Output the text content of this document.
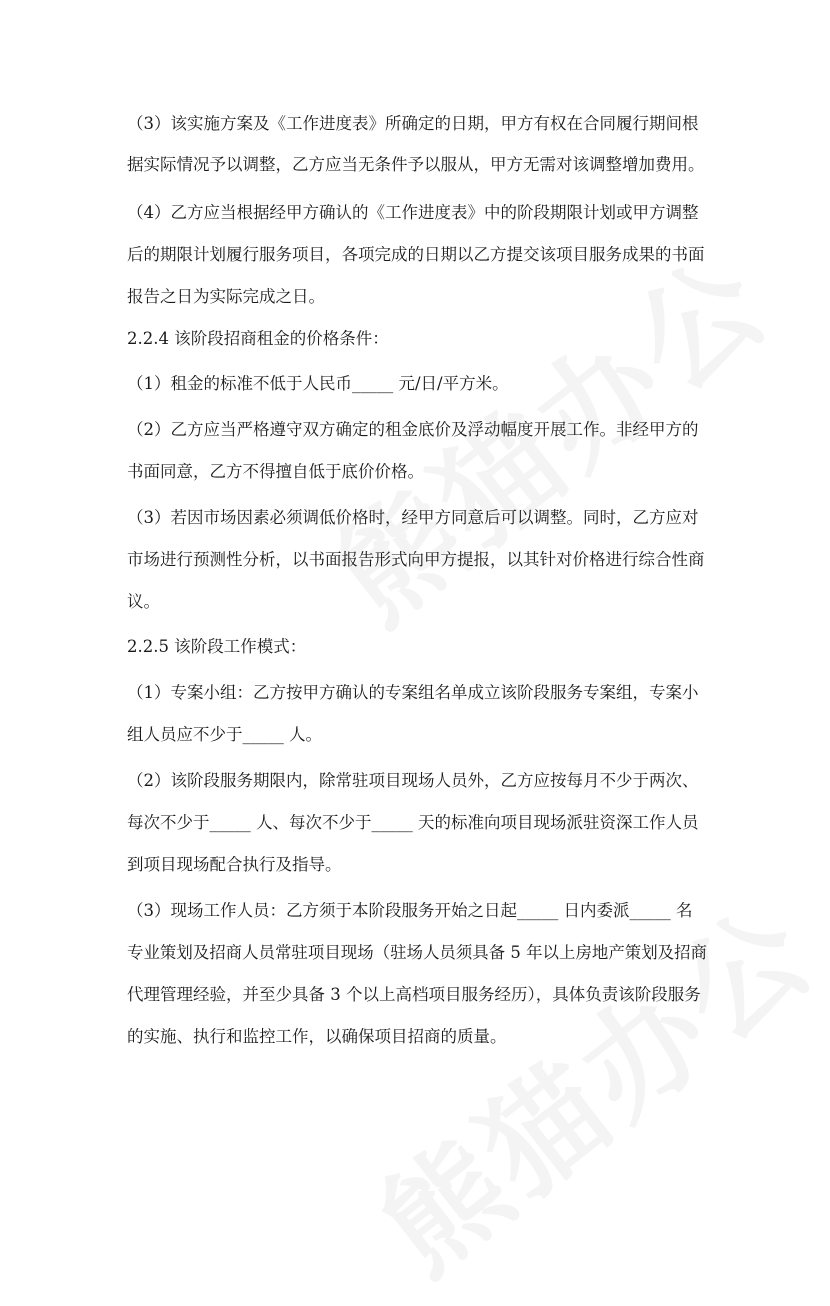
（3）该实施方案及《工作进度表》所确定的日期，甲方有权在合同履行期间根
据实际情况予以调整，乙方应当无条件予以服从，甲方无需对该调整增加费用。
（4）乙方应当根据经甲方确认的《工作进度表》中的阶段期限计划或甲方调整
后的期限计划履行服务项目，各项完成的日期以乙方提交该项目服务成果的书面
报告之日为实际完成之日。
2.2.4 该阶段招商租金的价格条件：
（1）租金的标准不低于人民币_____ 元/日/平方米。
（2）乙方应当严格遵守双方确定的租金底价及浮动幅度开展工作。非经甲方的
书面同意，乙方不得擅自低于底价价格。
（3）若因市场因素必须调低价格时，经甲方同意后可以调整。同时，乙方应对
市场进行预测性分析，以书面报告形式向甲方提报，以其针对价格进行综合性商
议。
2.2.5 该阶段工作模式：
（1）专案小组：乙方按甲方确认的专案组名单成立该阶段服务专案组，专案小
组人员应不少于_____ 人。
（2）该阶段服务期限内，除常驻项目现场人员外，乙方应按每月不少于两次、
每次不少于_____ 人、每次不少于_____ 天的标准向项目现场派驻资深工作人员
到项目现场配合执行及指导。
（3）现场工作人员：乙方须于本阶段服务开始之日起_____ 日内委派_____ 名
专业策划及招商人员常驻项目现场（驻场人员须具备 5 年以上房地产策划及招商
代理管理经验，并至少具备 3 个以上高档项目服务经历），具体负责该阶段服务
的实施、执行和监控工作，以确保项目招商的质量。
